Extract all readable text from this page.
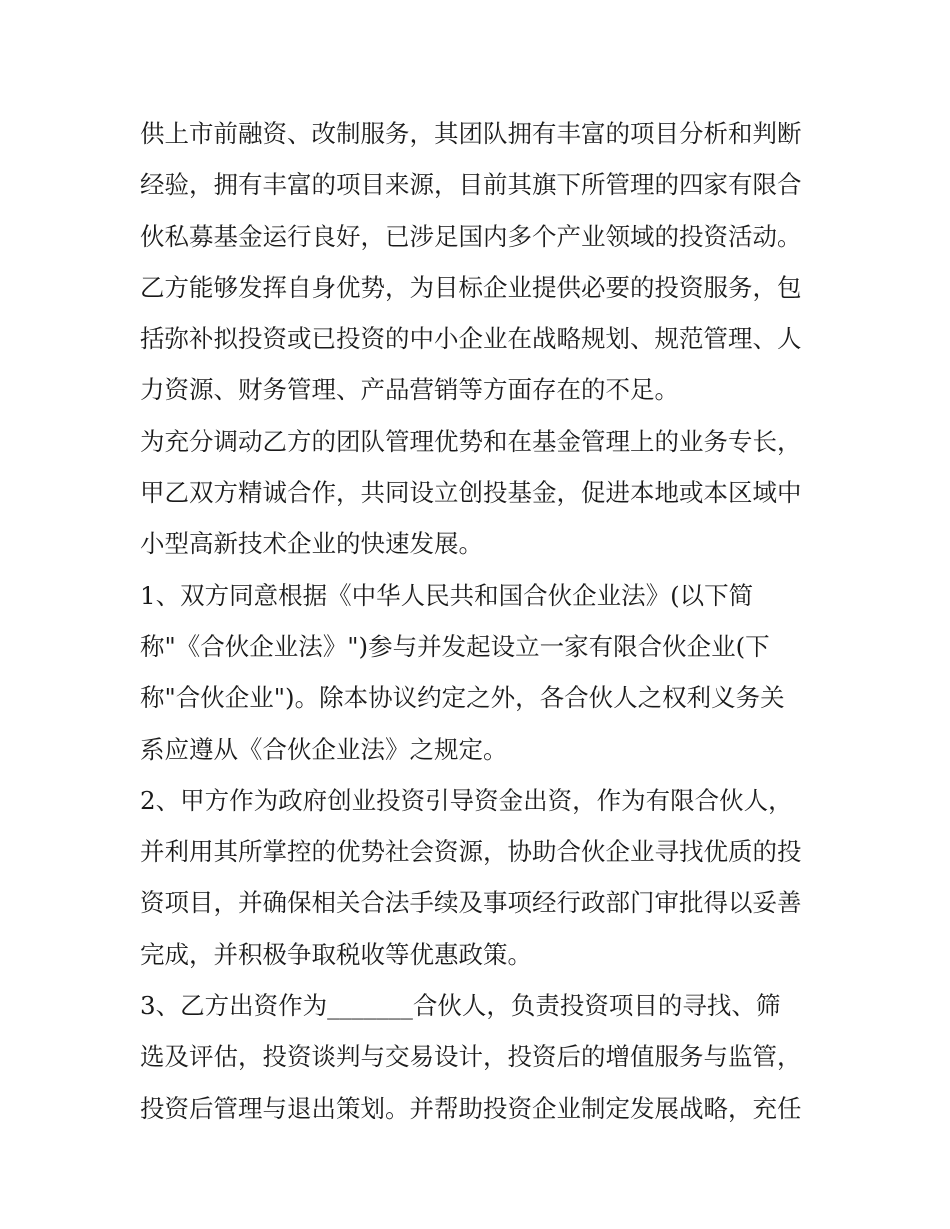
供上市前融资、改制服务，其团队拥有丰富的项目分析和判断
经验，拥有丰富的项目来源，目前其旗下所管理的四家有限合
伙私募基金运行良好，已涉足国内多个产业领域的投资活动。
乙方能够发挥自身优势，为目标企业提供必要的投资服务，包
括弥补拟投资或已投资的中小企业在战略规划、规范管理、人
力资源、财务管理、产品营销等方面存在的不足。
为充分调动乙方的团队管理优势和在基金管理上的业务专长，
甲乙双方精诚合作，共同设立创投基金，促进本地或本区域中
小型高新技术企业的快速发展。
1、双方同意根据《中华人民共和国合伙企业法》(以下简
称"《合伙企业法》")参与并发起设立一家有限合伙企业(下
称"合伙企业")。除本协议约定之外，各合伙人之权利义务关
系应遵从《合伙企业法》之规定。
2、甲方作为政府创业投资引导资金出资，作为有限合伙人，
并利用其所掌控的优势社会资源，协助合伙企业寻找优质的投
资项目，并确保相关合法手续及事项经行政部门审批得以妥善
完成，并积极争取税收等优惠政策。
3、乙方出资作为_______合伙人，负责投资项目的寻找、筛
选及评估，投资谈判与交易设计，投资后的增值服务与监管，
投资后管理与退出策划。并帮助投资企业制定发展战略，充任
